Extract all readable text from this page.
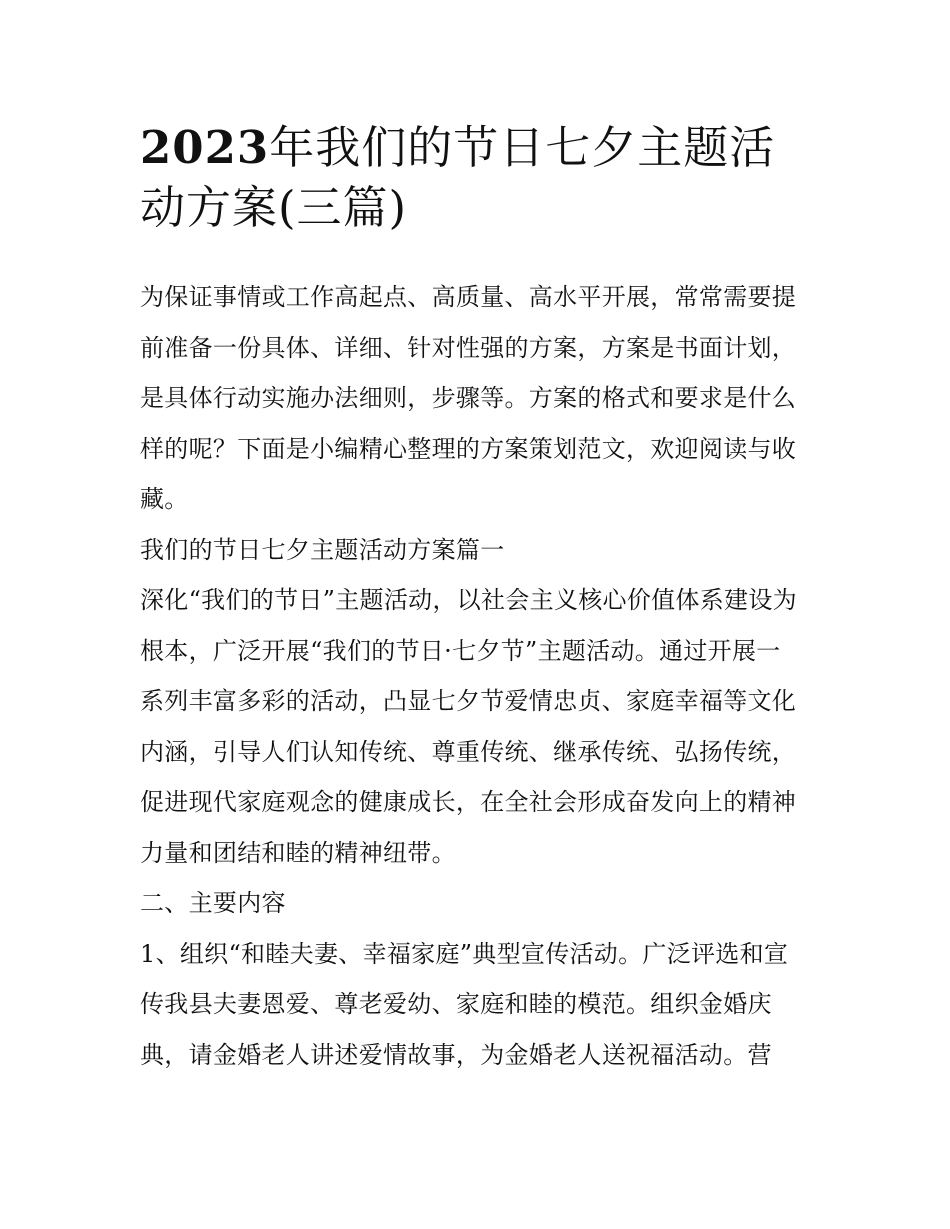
2023年我们的节日七夕主题活
动方案(三篇)

为保证事情或工作高起点、高质量、高水平开展，常常需要提
前准备一份具体、详细、针对性强的方案，方案是书面计划，
是具体行动实施办法细则，步骤等。方案的格式和要求是什么
样的呢？下面是小编精心整理的方案策划范文，欢迎阅读与收
藏。

我们的节日七夕主题活动方案篇一

深化“我们的节日”主题活动，以社会主义核心价值体系建设为
根本，广泛开展“我们的节日·七夕节”主题活动。通过开展一
系列丰富多彩的活动，凸显七夕节爱情忠贞、家庭幸福等文化
内涵，引导人们认知传统、尊重传统、继承传统、弘扬传统，
促进现代家庭观念的健康成长，在全社会形成奋发向上的精神
力量和团结和睦的精神纽带。

二、主要内容

1、组织“和睦夫妻、幸福家庭”典型宣传活动。广泛评选和宣
传我县夫妻恩爱、尊老爱幼、家庭和睦的模范。组织金婚庆
典，请金婚老人讲述爱情故事，为金婚老人送祝福活动。营
